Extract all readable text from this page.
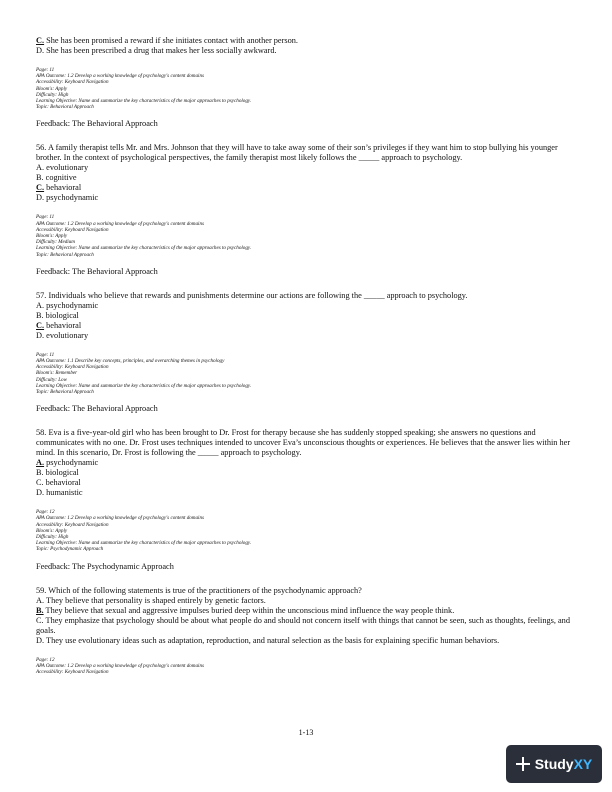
C. She has been promised a reward if she initiates contact with another person.
D. She has been prescribed a drug that makes her less socially awkward.
Page: 11
APA Outcome: 1.2 Develop a working knowledge of psychology's content domains
Accessibility: Keyboard Navigation
Bloom's: Apply
Difficulty: High
Learning Objective: Name and summarize the key characteristics of the major approaches to psychology.
Topic: Behavioral Approach
Feedback: The Behavioral Approach
56. A family therapist tells Mr. and Mrs. Johnson that they will have to take away some of their son’s privileges if they want him to stop bullying his younger brother. In the context of psychological perspectives, the family therapist most likely follows the _____ approach to psychology.
A. evolutionary
B. cognitive
C. behavioral
D. psychodynamic
Page: 11
APA Outcome: 1.2 Develop a working knowledge of psychology's content domains
Accessibility: Keyboard Navigation
Bloom's: Apply
Difficulty: Medium
Learning Objective: Name and summarize the key characteristics of the major approaches to psychology.
Topic: Behavioral Approach
Feedback: The Behavioral Approach
57. Individuals who believe that rewards and punishments determine our actions are following the _____ approach to psychology.
A. psychodynamic
B. biological
C. behavioral
D. evolutionary
Page: 11
APA Outcome: 1.1 Describe key concepts, principles, and overarching themes in psychology
Accessibility: Keyboard Navigation
Bloom's: Remember
Difficulty: Low
Learning Objective: Name and summarize the key characteristics of the major approaches to psychology.
Topic: Behavioral Approach
Feedback: The Behavioral Approach
58. Eva is a five-year-old girl who has been brought to Dr. Frost for therapy because she has suddenly stopped speaking; she answers no questions and communicates with no one. Dr. Frost uses techniques intended to uncover Eva’s unconscious thoughts or experiences. He believes that the answer lies within her mind. In this scenario, Dr. Frost is following the _____ approach to psychology.
A. psychodynamic
B. biological
C. behavioral
D. humanistic
Page: 12
APA Outcome: 1.2 Develop a working knowledge of psychology's content domains
Accessibility: Keyboard Navigation
Bloom's: Apply
Difficulty: High
Learning Objective: Name and summarize the key characteristics of the major approaches to psychology.
Topic: Psychodynamic Approach
Feedback: The Psychodynamic Approach
59. Which of the following statements is true of the practitioners of the psychodynamic approach?
A. They believe that personality is shaped entirely by genetic factors.
B. They believe that sexual and aggressive impulses buried deep within the unconscious mind influence the way people think.
C. They emphasize that psychology should be about what people do and should not concern itself with things that cannot be seen, such as thoughts, feelings, and goals.
D. They use evolutionary ideas such as adaptation, reproduction, and natural selection as the basis for explaining specific human behaviors.
Page: 12
APA Outcome: 1.2 Develop a working knowledge of psychology's content domains
Accessibility: Keyboard Navigation
1-13
Study XY
